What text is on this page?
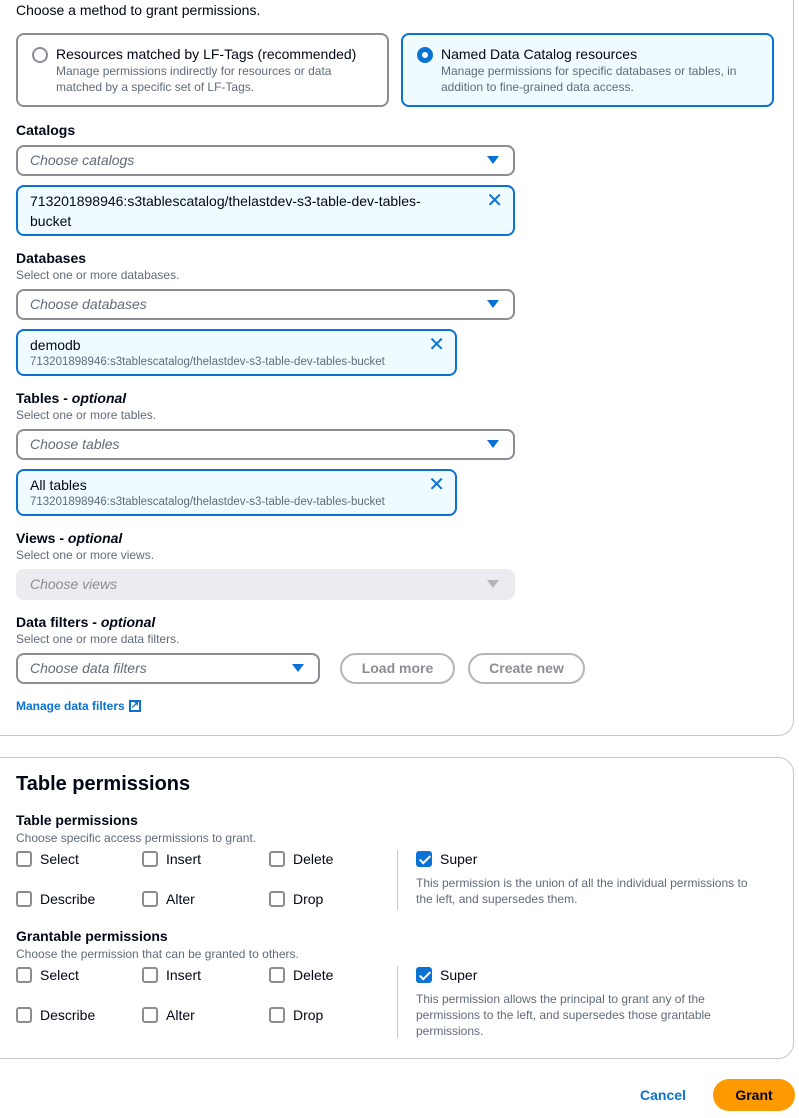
Choose a method to grant permissions.
Resources matched by LF-Tags (recommended)
Manage permissions indirectly for resources or data
matched by a specific set of LF-Tags.
Named Data Catalog resources
Manage permissions for specific databases or tables, in
addition to fine-grained data access.
Catalogs
Choose catalogs
713201898946:s3tablescatalog/thelastdev-s3-table-dev-tables-
bucket
✕
Databases
Select one or more databases.
Choose databases
demodb
713201898946:s3tablescatalog/thelastdev-s3-table-dev-tables-bucket
✕
Tables - optional
Select one or more tables.
Choose tables
All tables
713201898946:s3tablescatalog/thelastdev-s3-table-dev-tables-bucket
✕
Views - optional
Select one or more views.
Choose views
Data filters - optional
Select one or more data filters.
Choose data filters	Load more	Create new
Manage data filters ↗
Table permissions
Table permissions
Choose specific access permissions to grant.
Select	Insert	Delete
Describe	Alter	Drop
Super
This permission is the union of all the individual permissions to
the left, and supersedes them.
Grantable permissions
Choose the permission that can be granted to others.
Select	Insert	Delete
Describe	Alter	Drop
Super
This permission allows the principal to grant any of the
permissions to the left, and supersedes those grantable
permissions.
Cancel	Grant
